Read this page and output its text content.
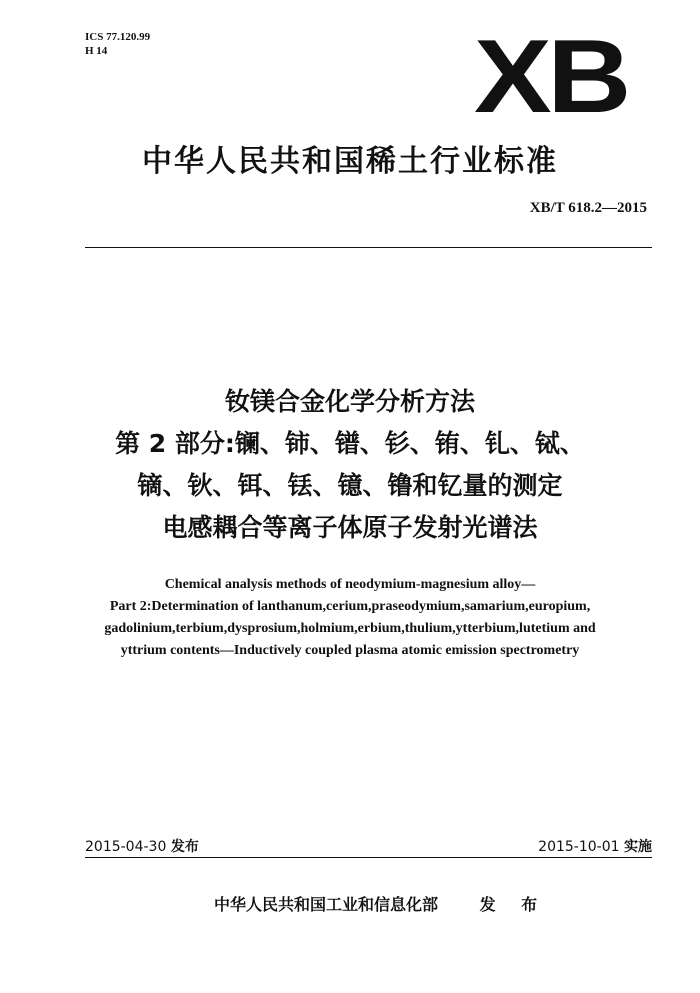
ICS 77.120.99
H 14	XB
中华人民共和国稀土行业标准
XB/T 618.2—2015
钕镁合金化学分析方法
第 2 部分:镧、铈、镨、钐、铕、钆、铽、
镝、钬、铒、铥、镱、镥和钇量的测定
电感耦合等离子体原子发射光谱法
Chemical analysis methods of neodymium-magnesium alloy—
Part 2:Determination of lanthanum,cerium,praseodymium,samarium,europium,
gadolinium,terbium,dysprosium,holmium,erbium,thulium,ytterbium,lutetium and
yttrium contents—Inductively coupled plasma atomic emission spectrometry
2015-04-30 发布	2015-10-01 实施
中华人民共和国工业和信息化部	发 布
